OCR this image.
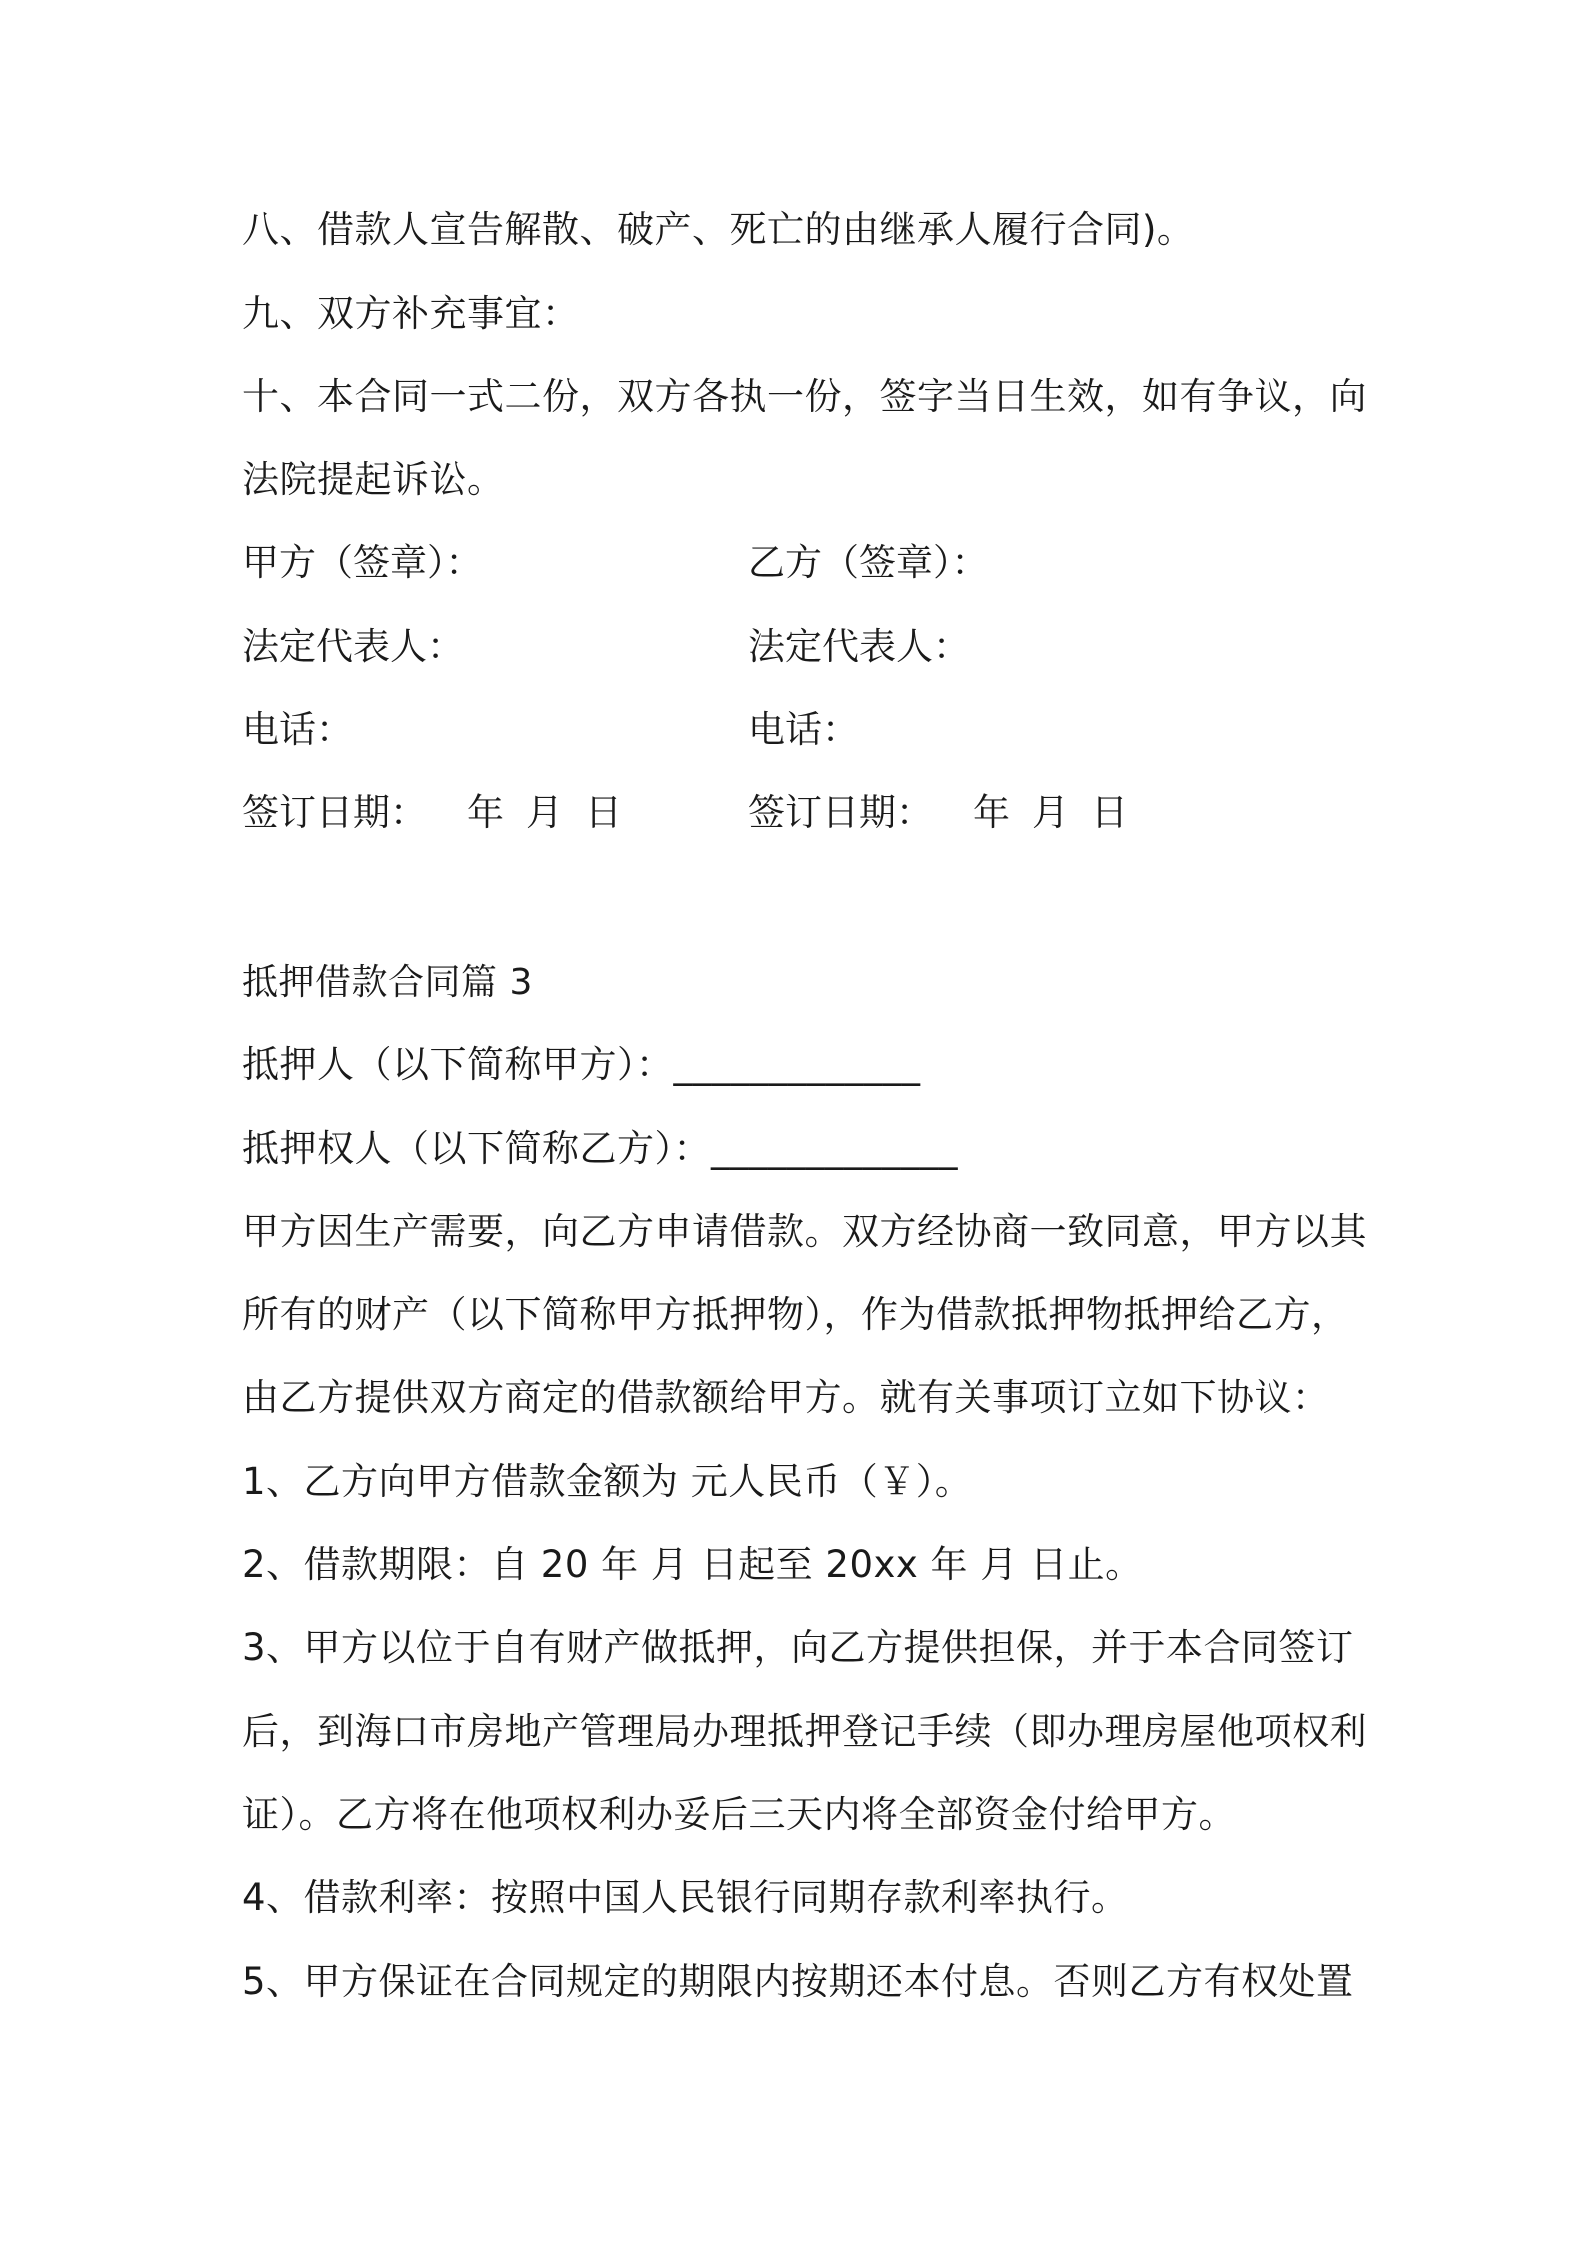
八、借款人宣告解散、破产、死亡的由继承人履行合同)。
九、双方补充事宜：
十、本合同一式二份，双方各执一份，签字当日生效，如有争议，向
法院提起诉讼。
甲方（签章）：	乙方（签章）：
法定代表人：	法定代表人：
电话：	电话：
签订日期： 年 月 日	签订日期： 年 月 日
抵押借款合同篇 3
抵押人（以下简称甲方）：_____________
抵押权人（以下简称乙方）：_____________
甲方因生产需要，向乙方申请借款。双方经协商一致同意，甲方以其
所有的财产（以下简称甲方抵押物），作为借款抵押物抵押给乙方，
由乙方提供双方商定的借款额给甲方。就有关事项订立如下协议：
1、乙方向甲方借款金额为 元人民币（￥）。
2、借款期限：自 20 年 月 日起至 20xx 年 月 日止。
3、甲方以位于自有财产做抵押，向乙方提供担保，并于本合同签订
后，到海口市房地产管理局办理抵押登记手续（即办理房屋他项权利
证）。乙方将在他项权利办妥后三天内将全部资金付给甲方。
4、借款利率：按照中国人民银行同期存款利率执行。
5、甲方保证在合同规定的期限内按期还本付息。否则乙方有权处置
